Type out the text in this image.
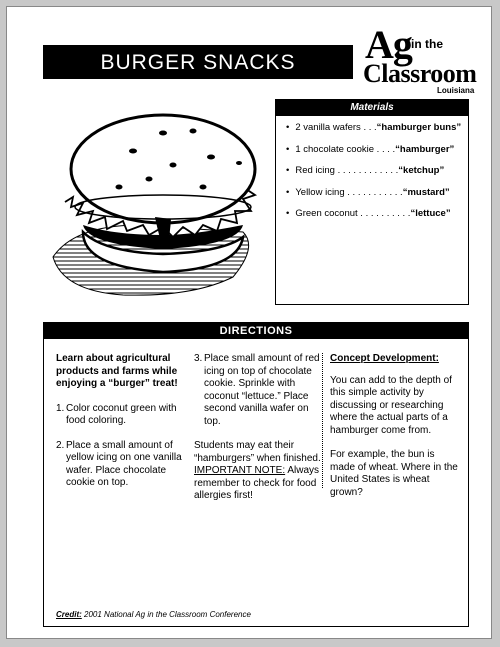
BURGER SNACKS	Ag in the
Classroom
Louisiana
Materials
• 2 vanilla wafers . . .“hamburger buns”
• 1 chocolate cookie . . . .“hamburger”
• Red icing . . . . . . . . . . . .“ketchup”
• Yellow icing . . . . . . . . . . .“mustard”
• Green coconut . . . . . . . . . .“lettuce”
DIRECTIONS

Learn about agricultural products and farms while enjoying a “burger” treat!

1. Color coconut green with food coloring.

2. Place a small amount of yellow icing on one vanilla wafer. Place chocolate cookie on top.

3. Place small amount of red icing on top of chocolate cookie. Sprinkle with coconut “lettuce.” Place second vanilla wafer on top.

Students may eat their “hamburgers” when finished. IMPORTANT NOTE: Always remember to check for food allergies first!

Concept Development:

You can add to the depth of this simple activity by discussing or researching where the actual parts of a hamburger come from.

For example, the bun is made of wheat. Where in the United States is wheat grown?

Credit: 2001 National Ag in the Classroom Conference
